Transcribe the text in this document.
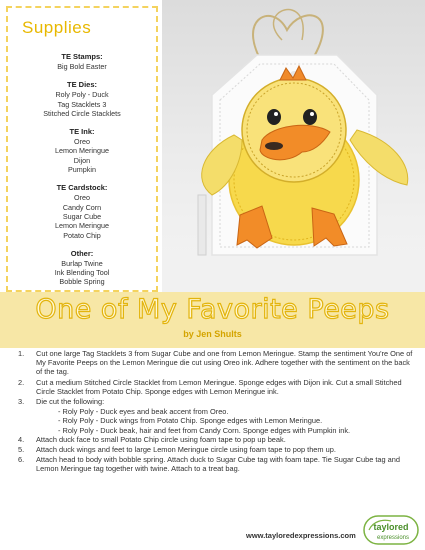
Supplies
TE Stamps:
Big Bold Easter
TE Dies:
Roly Poly - Duck
Tag Stacklets 3
Stitched Circle Stacklets
TE Ink:
Oreo
Lemon Meringue
Dijon
Pumpkin
TE Cardstock:
Oreo
Candy Corn
Sugar Cube
Lemon Meringue
Potato Chip
Other:
Burlap Twine
Ink Blending Tool
Bobble Spring
One of My Favorite Peeps
by Jen Shults
1. Cut one large Tag Stacklets 3 from Sugar Cube and one from Lemon Meringue. Stamp the sentiment You're One of My Favorite Peeps on the Lemon Meringue die cut using Oreo ink. Adhere together with the sentiment on the back of the tag.
2. Cut a medium Stitched Circle Stacklet from Lemon Meringue. Sponge edges with Dijon ink. Cut a small Stitched Circle Stacklet from Potato Chip. Sponge edges with Lemon Meringue ink.
3. Die cut the following:
- Roly Poly - Duck eyes and beak accent from Oreo.
- Roly Poly - Duck wings from Potato Chip. Sponge edges with Lemon Meringue.
- Roly Poly - Duck beak, hair and feet from Candy Corn. Sponge edges with Pumpkin ink.
4. Attach duck face to small Potato Chip circle using foam tape to pop up beak.
5. Attach duck wings and feet to large Lemon Meringue circle using foam tape to pop them up.
6. Attach head to body with bobble spring. Attach duck to Sugar Cube tag with foam tape. Tie Sugar Cube tag and Lemon Meringue tag together with twine. Attach to a treat bag.
www.tayloredexpressions.com
taylored
expressions
